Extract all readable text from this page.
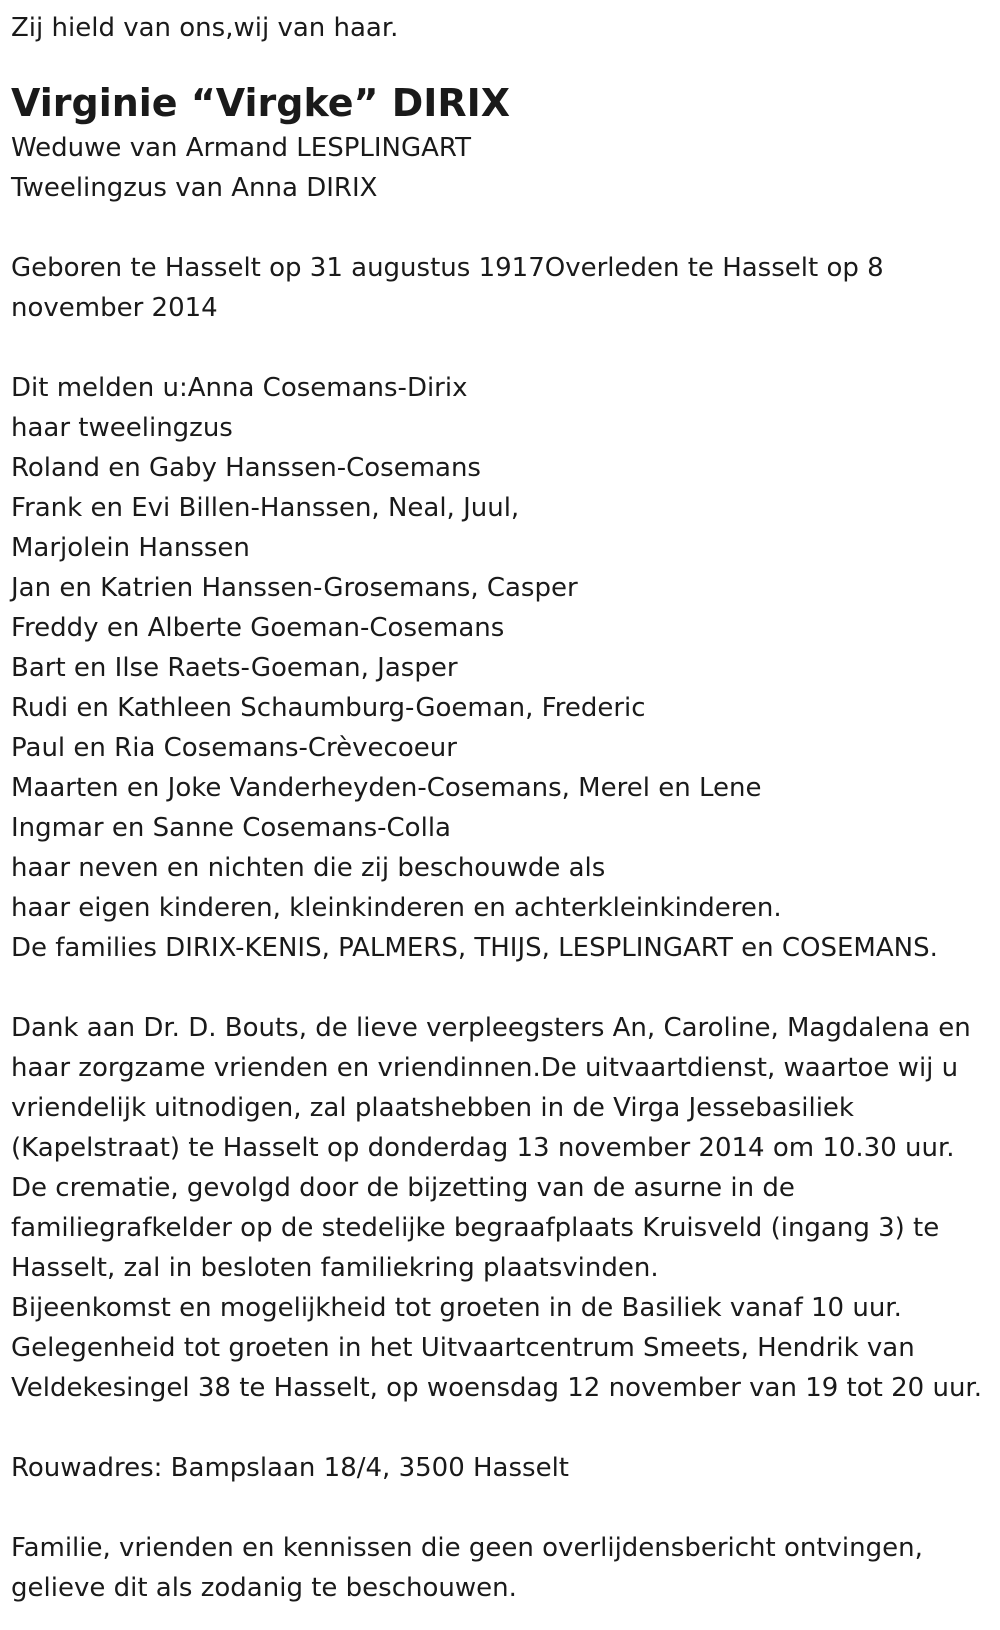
Zij hield van ons,wij van haar.

Virginie “Virgke” DIRIX

Weduwe van Armand LESPLINGART

Tweelingzus van Anna DIRIX

Geboren te Hasselt op 31 augustus 1917Overleden te Hasselt op 8

november 2014

Dit melden u:Anna Cosemans-Dirix

haar tweelingzus

Roland en Gaby Hanssen-Cosemans

Frank en Evi Billen-Hanssen, Neal, Juul,

Marjolein Hanssen

Jan en Katrien Hanssen-Grosemans, Casper

Freddy en Alberte Goeman-Cosemans

Bart en Ilse Raets-Goeman, Jasper

Rudi en Kathleen Schaumburg-Goeman, Frederic

Paul en Ria Cosemans-Crèvecoeur

Maarten en Joke Vanderheyden-Cosemans, Merel en Lene

Ingmar en Sanne Cosemans-Colla

haar neven en nichten die zij beschouwde als

haar eigen kinderen, kleinkinderen en achterkleinkinderen.

De families DIRIX-KENIS, PALMERS, THIJS, LESPLINGART en COSEMANS.

Dank aan Dr. D. Bouts, de lieve verpleegsters An, Caroline, Magdalena en

haar zorgzame vrienden en vriendinnen.De uitvaartdienst, waartoe wij u

vriendelijk uitnodigen, zal plaatshebben in de Virga Jessebasiliek

(Kapelstraat) te Hasselt op donderdag 13 november 2014 om 10.30 uur.

De crematie, gevolgd door de bijzetting van de asurne in de

familiegrafkelder op de stedelijke begraafplaats Kruisveld (ingang 3) te

Hasselt, zal in besloten familiekring plaatsvinden.

Bijeenkomst en mogelijkheid tot groeten in de Basiliek vanaf 10 uur.

Gelegenheid tot groeten in het Uitvaartcentrum Smeets, Hendrik van

Veldekesingel 38 te Hasselt, op woensdag 12 november van 19 tot 20 uur.

Rouwadres: Bampslaan 18/4, 3500 Hasselt

Familie, vrienden en kennissen die geen overlijdensbericht ontvingen,

gelieve dit als zodanig te beschouwen.
